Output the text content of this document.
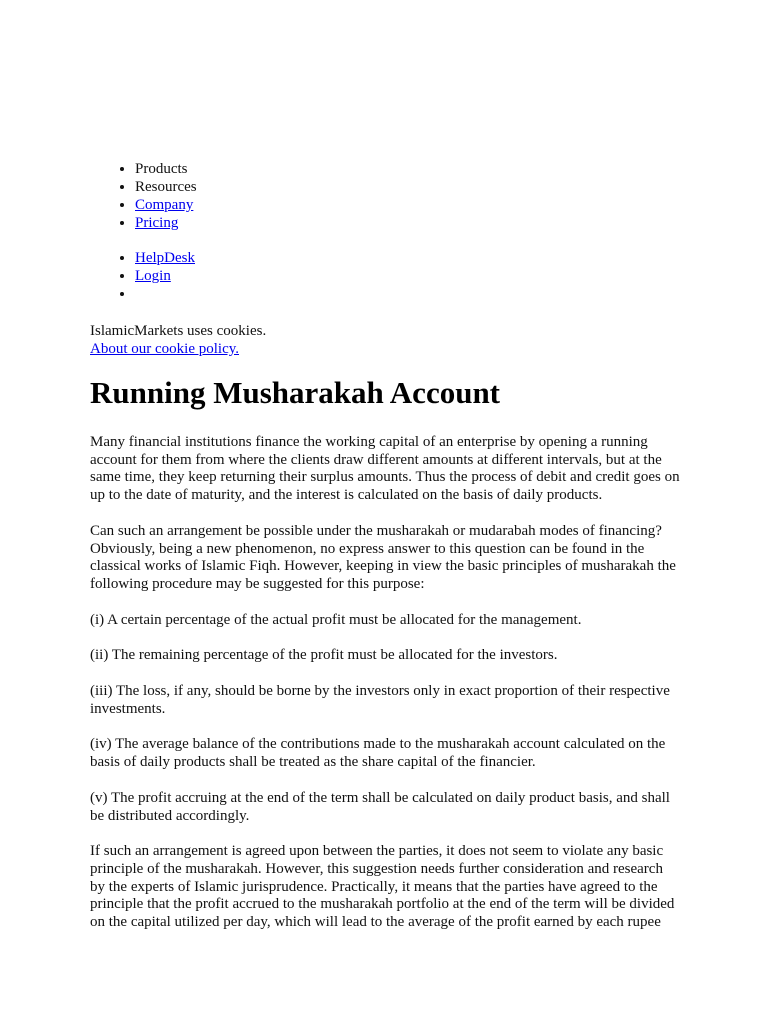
• Products
• Resources
• Company
• Pricing
• HelpDesk
• Login
•
IslamicMarkets uses cookies.
About our cookie policy.
Running Musharakah Account

Many financial institutions finance the working capital of an enterprise by opening a running account for them from where the clients draw different amounts at different intervals, but at the same time, they keep returning their surplus amounts. Thus the process of debit and credit goes on up to the date of maturity, and the interest is calculated on the basis of daily products.

Can such an arrangement be possible under the musharakah or mudarabah modes of financing? Obviously, being a new phenomenon, no express answer to this question can be found in the classical works of Islamic Fiqh. However, keeping in view the basic principles of musharakah the following procedure may be suggested for this purpose:

(i) A certain percentage of the actual profit must be allocated for the management.

(ii) The remaining percentage of the profit must be allocated for the investors.

(iii) The loss, if any, should be borne by the investors only in exact proportion of their respective investments.

(iv) The average balance of the contributions made to the musharakah account calculated on the basis of daily products shall be treated as the share capital of the financier.

(v) The profit accruing at the end of the term shall be calculated on daily product basis, and shall be distributed accordingly.

If such an arrangement is agreed upon between the parties, it does not seem to violate any basic principle of the musharakah. However, this suggestion needs further consideration and research by the experts of Islamic jurisprudence. Practically, it means that the parties have agreed to the principle that the profit accrued to the musharakah portfolio at the end of the term will be divided on the capital utilized per day, which will lead to the average of the profit earned by each rupee
